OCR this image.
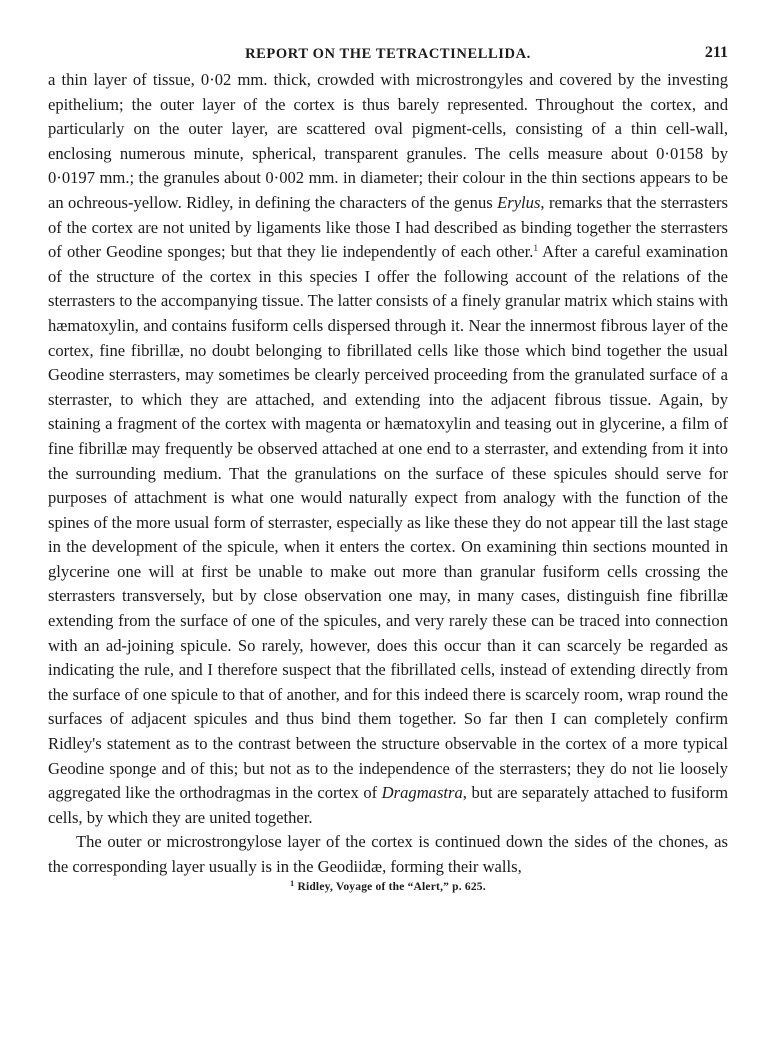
REPORT ON THE TETRACTINELLIDA.	211

a thin layer of tissue, 0·02 mm. thick, crowded with microstrongyles and covered by the investing epithelium; the outer layer of the cortex is thus barely represented. Throughout the cortex, and particularly on the outer layer, are scattered oval pigment-cells, consisting of a thin cell-wall, enclosing numerous minute, spherical, transparent granules. The cells measure about 0·0158 by 0·0197 mm.; the granules about 0·002 mm. in diameter; their colour in the thin sections appears to be an ochreous-yellow. Ridley, in defining the characters of the genus Erylus, remarks that the sterrasters of the cortex are not united by ligaments like those I had described as binding together the sterrasters of other Geodine sponges; but that they lie independently of each other.$^1$ After a careful examination of the structure of the cortex in this species I offer the following account of the relations of the sterrasters to the accompanying tissue. The latter consists of a finely granular matrix which stains with hæmatoxylin, and contains fusiform cells dispersed through it. Near the innermost fibrous layer of the cortex, fine fibrillæ, no doubt belonging to fibrillated cells like those which bind together the usual Geodine sterrasters, may sometimes be clearly perceived proceeding from the granulated surface of a sterraster, to which they are attached, and extending into the adjacent fibrous tissue. Again, by staining a fragment of the cortex with magenta or hæmatoxylin and teasing out in glycerine, a film of fine fibrillæ may frequently be observed attached at one end to a sterraster, and extending from it into the surrounding medium. That the granulations on the surface of these spicules should serve for purposes of attachment is what one would naturally expect from analogy with the function of the spines of the more usual form of sterraster, especially as like these they do not appear till the last stage in the development of the spicule, when it enters the cortex. On examining thin sections mounted in glycerine one will at first be unable to make out more than granular fusiform cells crossing the sterrasters transversely, but by close observation one may, in many cases, distinguish fine fibrillæ extending from the surface of one of the spicules, and very rarely these can be traced into connection with an ad-joining spicule. So rarely, however, does this occur than it can scarcely be regarded as indicating the rule, and I therefore suspect that the fibrillated cells, instead of extending directly from the surface of one spicule to that of another, and for this indeed there is scarcely room, wrap round the surfaces of adjacent spicules and thus bind them together. So far then I can completely confirm Ridley's statement as to the contrast between the structure observable in the cortex of a more typical Geodine sponge and of this; but not as to the independence of the sterrasters; they do not lie loosely aggregated like the orthodragmas in the cortex of Dragmastra, but are separately attached to fusiform cells, by which they are united together.

The outer or microstrongylose layer of the cortex is continued down the sides of the chones, as the corresponding layer usually is in the Geodiidæ, forming their walls,

$^1$ Ridley, Voyage of the “Alert,” p. 625.
